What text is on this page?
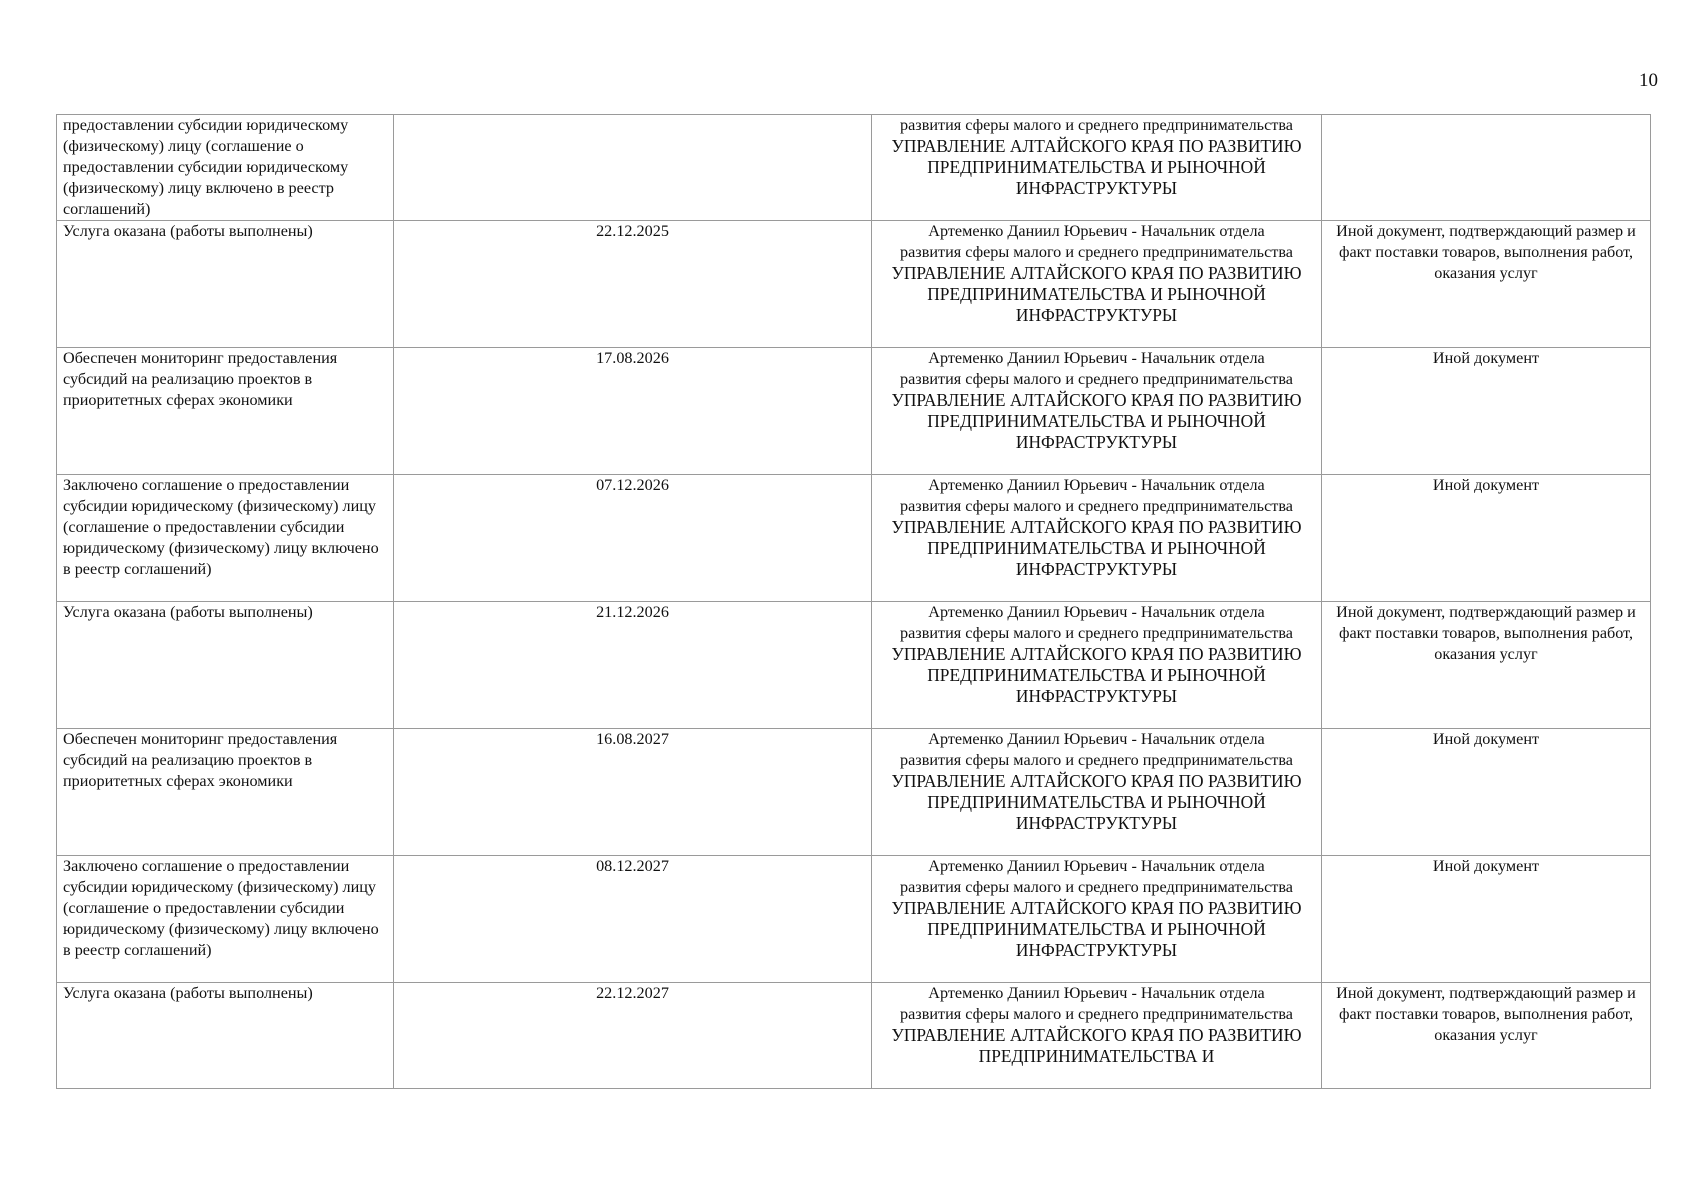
10
предоставлении субсидии юридическому (физическому) лицу (соглашение о предоставлении субсидии юридическому (физическому) лицу включено в реестр соглашений)		развития сферы малого и среднего предпринимательства
УПРАВЛЕНИЕ АЛТАЙСКОГО КРАЯ ПО РАЗВИТИЮ ПРЕДПРИНИМАТЕЛЬСТВА И РЫНОЧНОЙ ИНФРАСТРУКТУРЫ	

Услуга оказана (работы выполнены)	22.12.2025	Артеменко Даниил Юрьевич - Начальник отдела
развития сферы малого и среднего предпринимательства
УПРАВЛЕНИЕ АЛТАЙСКОГО КРАЯ ПО РАЗВИТИЮ ПРЕДПРИНИМАТЕЛЬСТВА И РЫНОЧНОЙ ИНФРАСТРУКТУРЫ	Иной документ, подтверждающий размер и факт поставки товаров, выполнения работ, оказания услуг
Обеспечен мониторинг предоставления субсидий на реализацию проектов в приоритетных сферах экономики	17.08.2026	Артеменко Даниил Юрьевич - Начальник отдела
развития сферы малого и среднего предпринимательства
УПРАВЛЕНИЕ АЛТАЙСКОГО КРАЯ ПО РАЗВИТИЮ ПРЕДПРИНИМАТЕЛЬСТВА И РЫНОЧНОЙ ИНФРАСТРУКТУРЫ	Иной документ
Заключено соглашение о предоставлении субсидии юридическому (физическому) лицу (соглашение о предоставлении субсидии юридическому (физическому) лицу включено в реестр соглашений)	07.12.2026	Артеменко Даниил Юрьевич - Начальник отдела
развития сферы малого и среднего предпринимательства
УПРАВЛЕНИЕ АЛТАЙСКОГО КРАЯ ПО РАЗВИТИЮ ПРЕДПРИНИМАТЕЛЬСТВА И РЫНОЧНОЙ ИНФРАСТРУКТУРЫ	Иной документ
Услуга оказана (работы выполнены)	21.12.2026	Артеменко Даниил Юрьевич - Начальник отдела
развития сферы малого и среднего предпринимательства
УПРАВЛЕНИЕ АЛТАЙСКОГО КРАЯ ПО РАЗВИТИЮ ПРЕДПРИНИМАТЕЛЬСТВА И РЫНОЧНОЙ ИНФРАСТРУКТУРЫ	Иной документ, подтверждающий размер и факт поставки товаров, выполнения работ, оказания услуг
Обеспечен мониторинг предоставления субсидий на реализацию проектов в приоритетных сферах экономики	16.08.2027	Артеменко Даниил Юрьевич - Начальник отдела
развития сферы малого и среднего предпринимательства
УПРАВЛЕНИЕ АЛТАЙСКОГО КРАЯ ПО РАЗВИТИЮ ПРЕДПРИНИМАТЕЛЬСТВА И РЫНОЧНОЙ ИНФРАСТРУКТУРЫ	Иной документ
Заключено соглашение о предоставлении субсидии юридическому (физическому) лицу (соглашение о предоставлении субсидии юридическому (физическому) лицу включено в реестр соглашений)	08.12.2027	Артеменко Даниил Юрьевич - Начальник отдела
развития сферы малого и среднего предпринимательства
УПРАВЛЕНИЕ АЛТАЙСКОГО КРАЯ ПО РАЗВИТИЮ ПРЕДПРИНИМАТЕЛЬСТВА И РЫНОЧНОЙ ИНФРАСТРУКТУРЫ	Иной документ
Услуга оказана (работы выполнены)	22.12.2027	Артеменко Даниил Юрьевич - Начальник отдела
развития сферы малого и среднего предпринимательства
УПРАВЛЕНИЕ АЛТАЙСКОГО КРАЯ ПО РАЗВИТИЮ ПРЕДПРИНИМАТЕЛЬСТВА И	Иной документ, подтверждающий размер и факт поставки товаров, выполнения работ, оказания услуг
